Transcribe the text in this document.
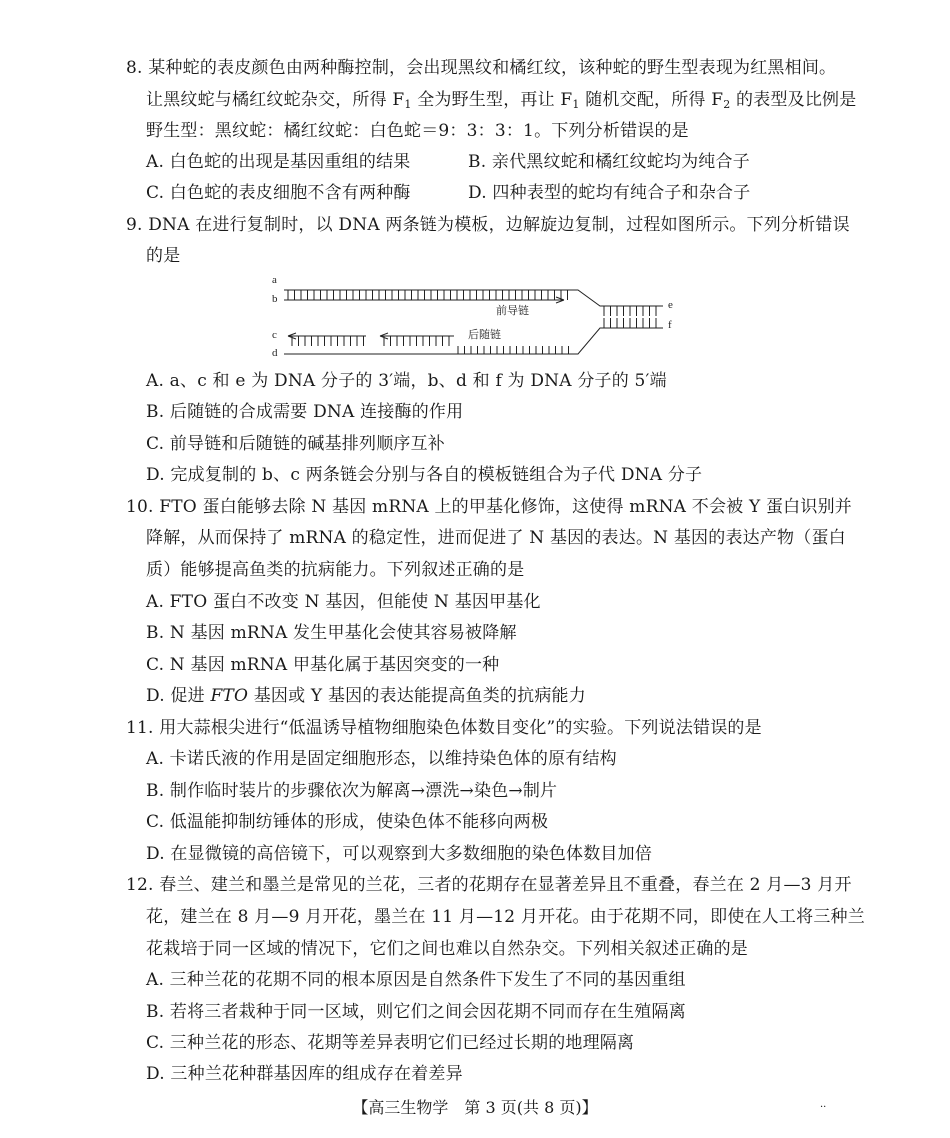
8. 某种蛇的表皮颜色由两种酶控制，会出现黑纹和橘红纹，该种蛇的野生型表现为红黑相间。
让黑纹蛇与橘红纹蛇杂交，所得 $F_1$ 全为野生型，再让 $F_1$ 随机交配，所得 $F_2$ 的表型及比例是
野生型：黑纹蛇：橘红纹蛇：白色蛇＝9：3：3：1。下列分析错误的是
A. 白色蛇的出现是基因重组的结果	B. 亲代黑纹蛇和橘红纹蛇均为纯合子
C. 白色蛇的表皮细胞不含有两种酶	D. 四种表型的蛇均有纯合子和杂合子
9. DNA 在进行复制时，以 DNA 两条链为模板，边解旋边复制，过程如图所示。下列分析错误
的是
a
b
c
d
e
f
前导链
后随链
A. a、c 和 e 为 DNA 分子的 3′端，b、d 和 f 为 DNA 分子的 5′端
B. 后随链的合成需要 DNA 连接酶的作用
C. 前导链和后随链的碱基排列顺序互补
D. 完成复制的 b、c 两条链会分别与各自的模板链组合为子代 DNA 分子
10. FTO 蛋白能够去除 N 基因 mRNA 上的甲基化修饰，这使得 mRNA 不会被 Y 蛋白识别并
降解，从而保持了 mRNA 的稳定性，进而促进了 N 基因的表达。N 基因的表达产物（蛋白
质）能够提高鱼类的抗病能力。下列叙述正确的是
A. FTO 蛋白不改变 N 基因，但能使 N 基因甲基化
B. N 基因 mRNA 发生甲基化会使其容易被降解
C. N 基因 mRNA 甲基化属于基因突变的一种
D. 促进 FTO 基因或 Y 基因的表达能提高鱼类的抗病能力
11. 用大蒜根尖进行“低温诱导植物细胞染色体数目变化”的实验。下列说法错误的是
A. 卡诺氏液的作用是固定细胞形态，以维持染色体的原有结构
B. 制作临时装片的步骤依次为解离→漂洗→染色→制片
C. 低温能抑制纺锤体的形成，使染色体不能移向两极
D. 在显微镜的高倍镜下，可以观察到大多数细胞的染色体数目加倍
12. 春兰、建兰和墨兰是常见的兰花，三者的花期存在显著差异且不重叠，春兰在 2 月—3 月开
花，建兰在 8 月—9 月开花，墨兰在 11 月—12 月开花。由于花期不同，即使在人工将三种兰
花栽培于同一区域的情况下，它们之间也难以自然杂交。下列相关叙述正确的是
A. 三种兰花的花期不同的根本原因是自然条件下发生了不同的基因重组
B. 若将三者栽种于同一区域，则它们之间会因花期不同而存在生殖隔离
C. 三种兰花的形态、花期等差异表明它们已经过长期的地理隔离
D. 三种兰花种群基因库的组成存在着差异
【高三生物学　第 3 页(共 8 页)】	··
